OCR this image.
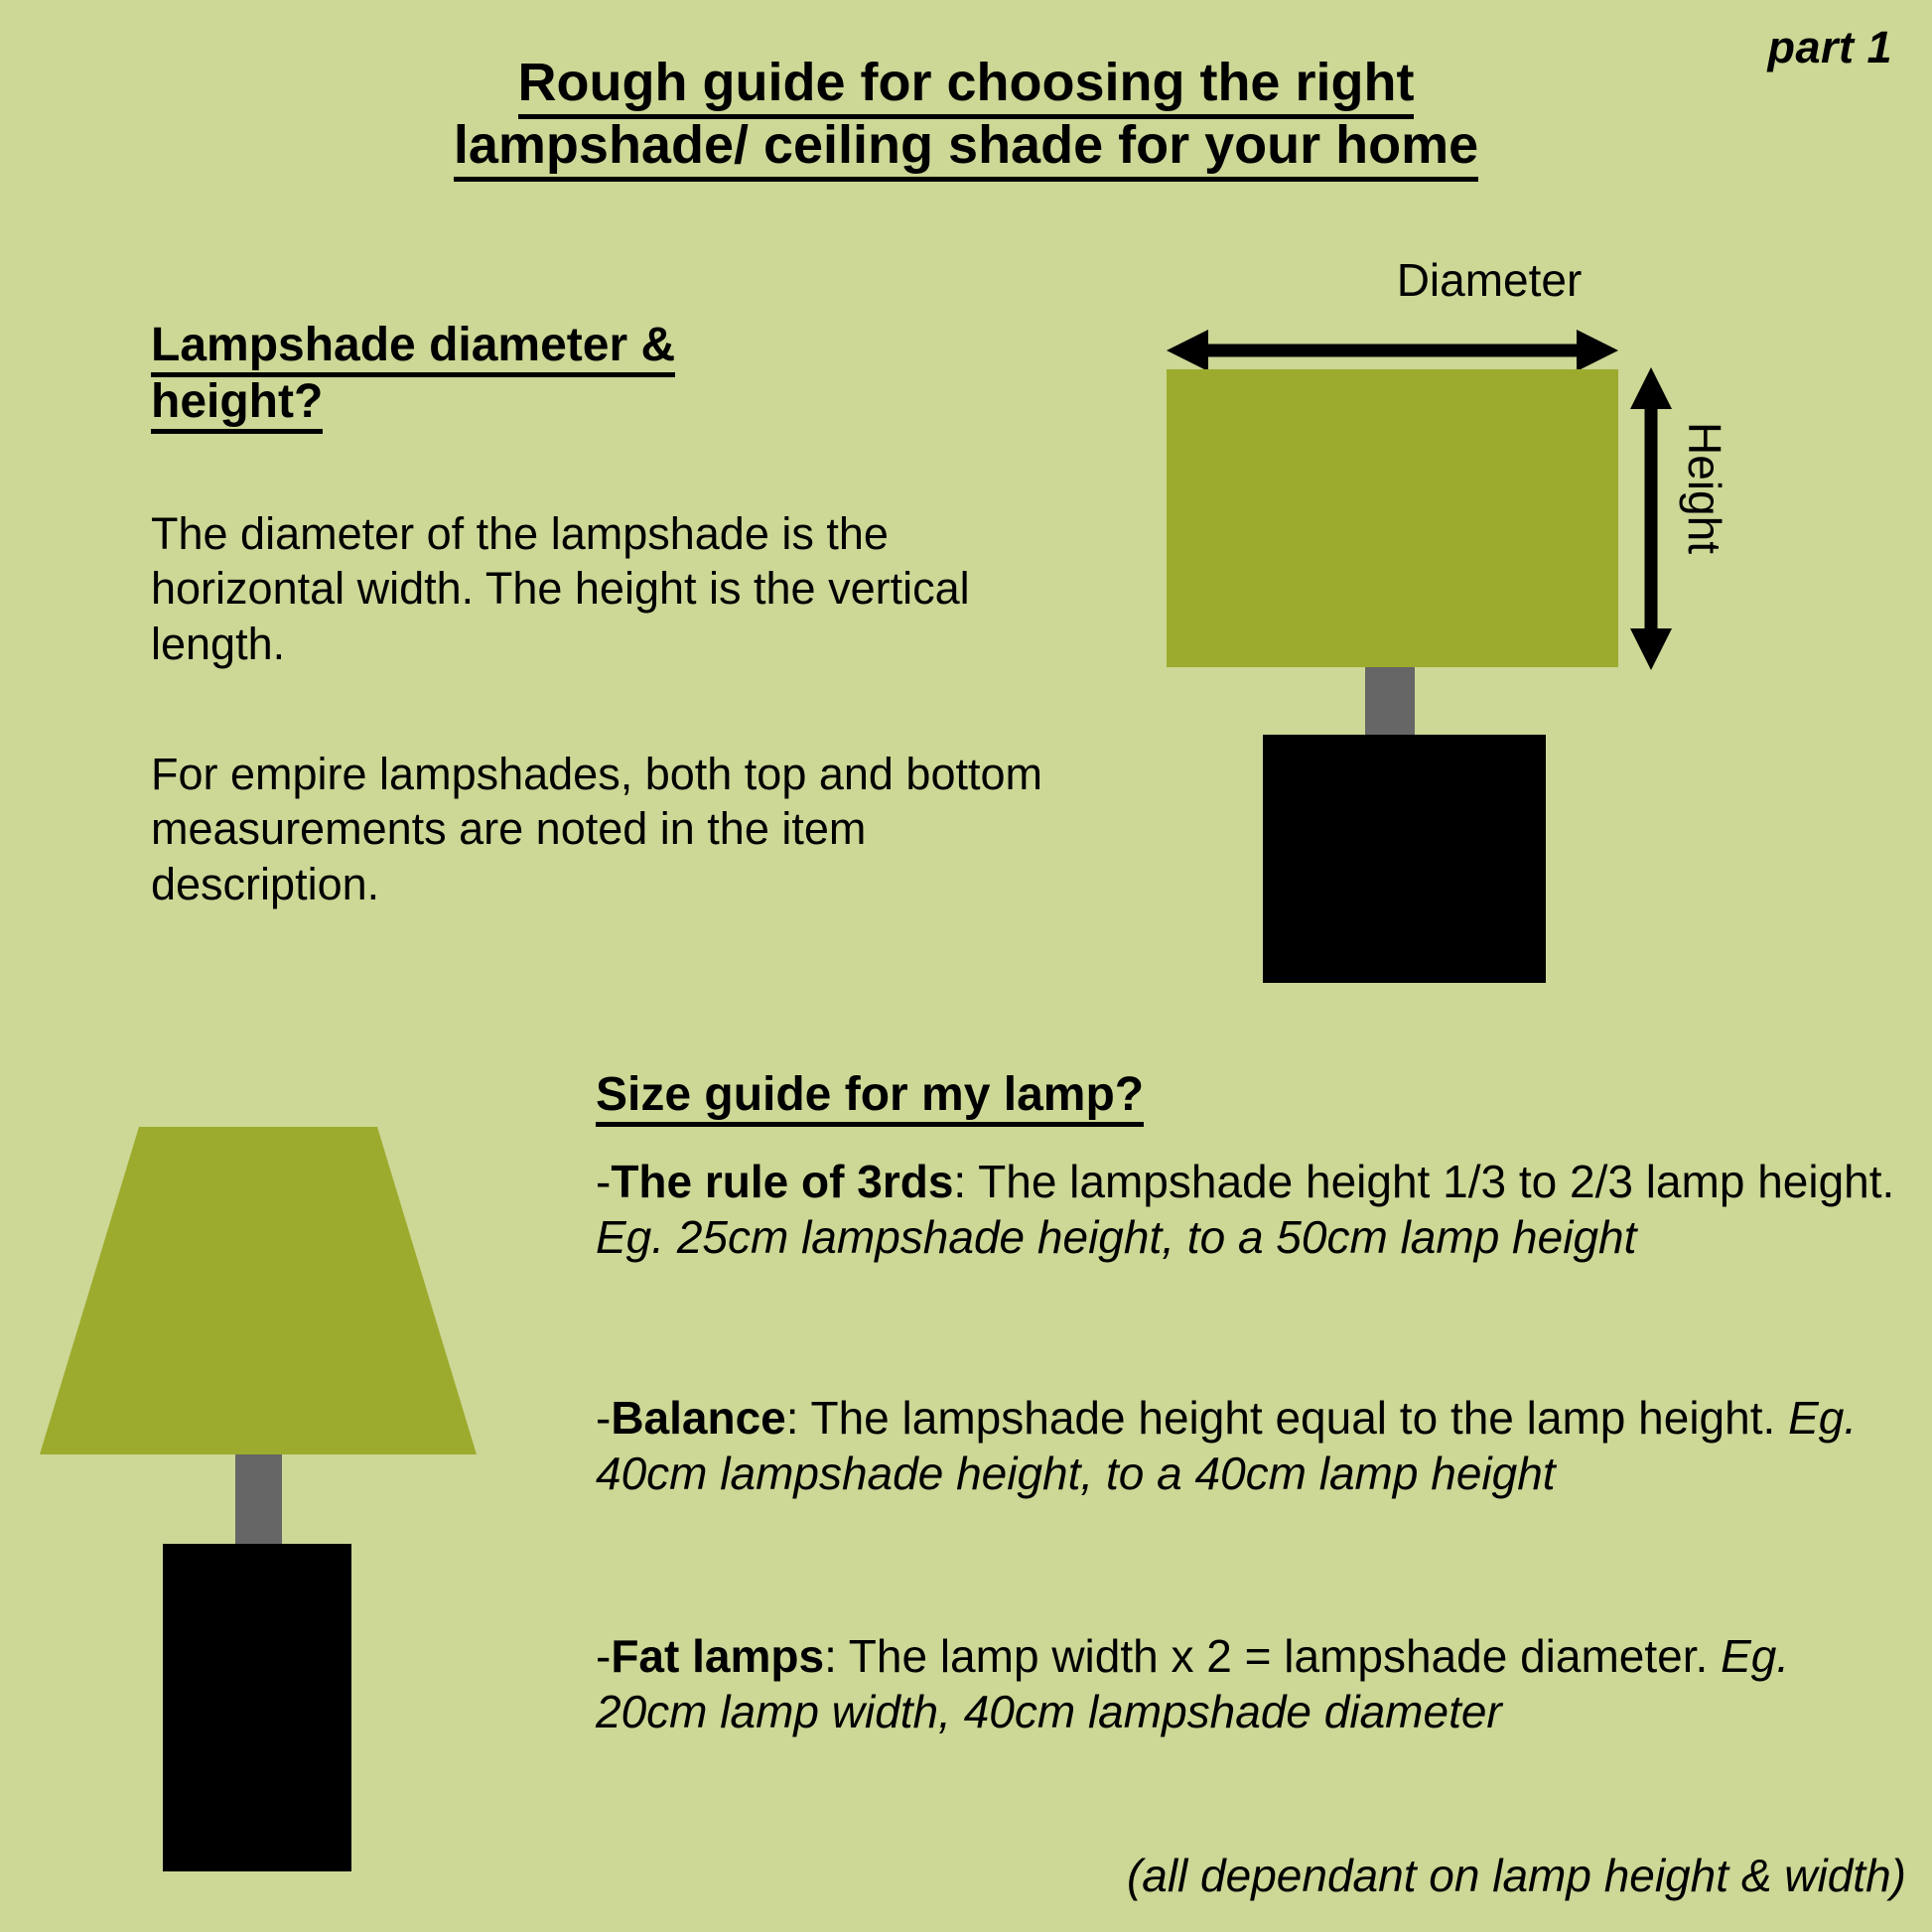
part 1
Rough guide for choosing the right
lampshade/ ceiling shade for your home
Lampshade diameter & height?
The diameter of the lampshade is the horizontal width. The height is the vertical length.
For empire lampshades, both top and bottom measurements are noted in the item description.
Diameter
Height
Size guide for my lamp?
-The rule of 3rds: The lampshade height 1/3 to 2/3 lamp height. Eg. 25cm lampshade height, to a 50cm lamp height
-Balance: The lampshade height equal to the lamp height. Eg. 40cm lampshade height, to a 40cm lamp height
-Fat lamps: The lamp width x 2 = lampshade diameter. Eg. 20cm lamp width, 40cm lampshade diameter
(all dependant on lamp height & width)
